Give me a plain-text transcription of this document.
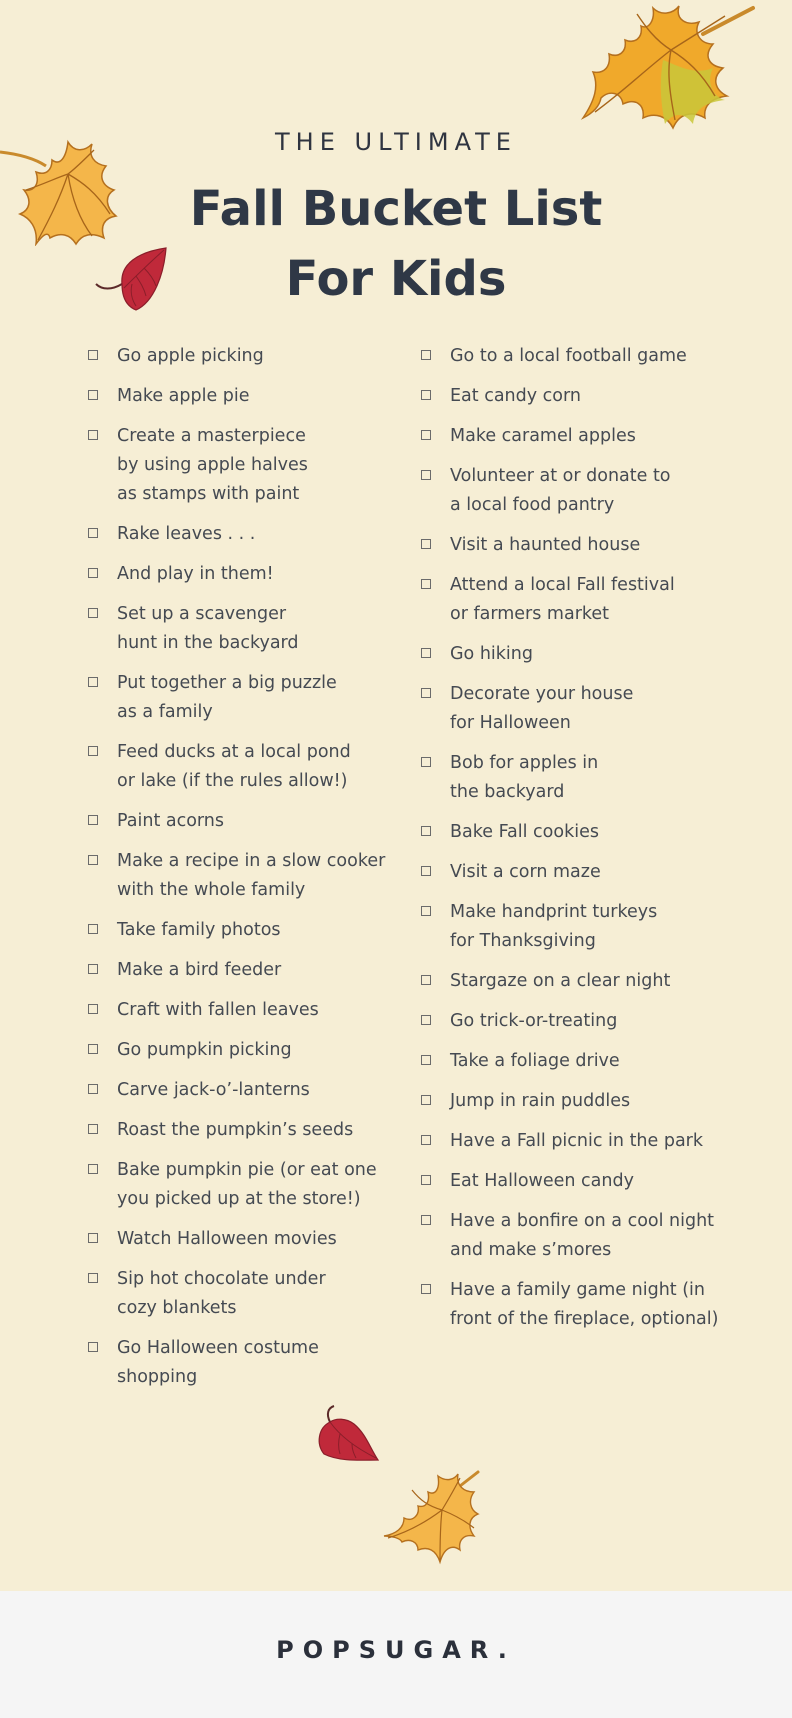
THE ULTIMATE
Fall Bucket List
For Kids
Go apple picking
Make apple pie
Create a masterpiece
by using apple halves
as stamps with paint
Rake leaves . . .
And play in them!
Set up a scavenger
hunt in the backyard
Put together a big puzzle
as a family
Feed ducks at a local pond
or lake (if the rules allow!)
Paint acorns
Make a recipe in a slow cooker
with the whole family
Take family photos
Make a bird feeder
Craft with fallen leaves
Go pumpkin picking
Carve jack-o’-lanterns
Roast the pumpkin’s seeds
Bake pumpkin pie (or eat one
you picked up at the store!)
Watch Halloween movies
Sip hot chocolate under
cozy blankets
Go Halloween costume
shopping
Go to a local football game
Eat candy corn
Make caramel apples
Volunteer at or donate to
a local food pantry
Visit a haunted house
Attend a local Fall festival
or farmers market
Go hiking
Decorate your house
for Halloween
Bob for apples in
the backyard
Bake Fall cookies
Visit a corn maze
Make handprint turkeys
for Thanksgiving
Stargaze on a clear night
Go trick-or-treating
Take a foliage drive
Jump in rain puddles
Have a Fall picnic in the park
Eat Halloween candy
Have a bonfire on a cool night
and make s’mores
Have a family game night (in
front of the fireplace, optional)
POPSUGAR.
